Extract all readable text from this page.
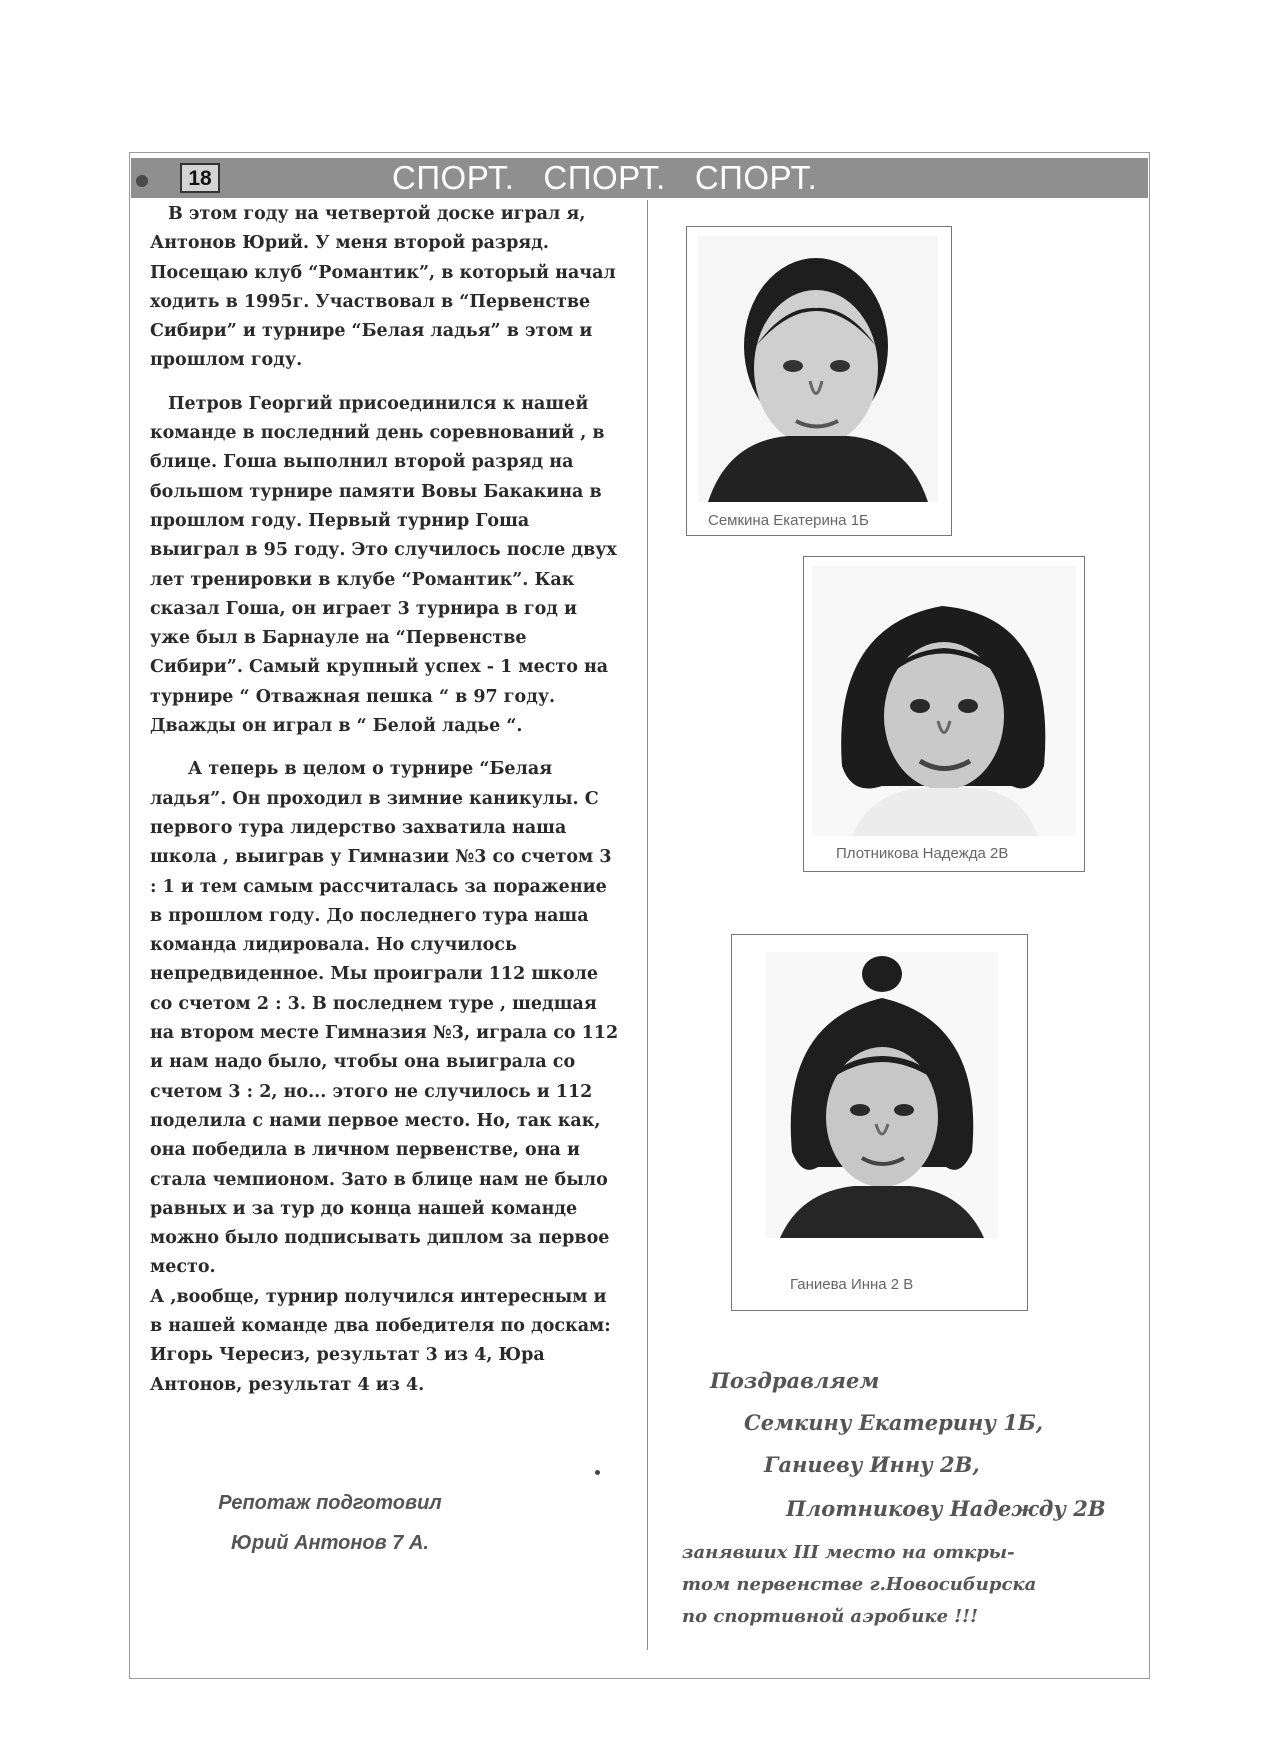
18	СПОРТ.   СПОРТ.   СПОРТ.

В этом году на четвертой доске играл я, Антонов Юрий. У меня второй разряд. Посещаю клуб “Романтик”, в который начал ходить в 1995г. Участвовал в “Первенстве Сибири” и турнире “Белая ладья” в этом и прошлом году.

Петров Георгий присоединился к нашей команде в последний день соревнований , в блице. Гоша выполнил второй разряд на большом турнире памяти Вовы Бакакина в прошлом году. Первый турнир Гоша выиграл в 95 году. Это случилось после двух лет тренировки в клубе “Романтик”. Как сказал Гоша, он играет 3 турнира в год и уже был в Барнауле на “Первенстве Сибири”. Самый крупный успех - 1 место на турнире “ Отважная пешка “ в 97 году. Дважды он играл в “ Белой ладье “.

А теперь в целом о турнире “Белая ладья”. Он проходил в зимние каникулы. С первого тура лидерство захватила наша школа , выиграв у Гимназии №3 со счетом 3 : 1 и тем самым рассчиталась за поражение в прошлом году. До последнего тура наша команда лидировала. Но случилось непредвиденное. Мы проиграли 112 школе со счетом 2 : 3. В последнем туре , шедшая на втором месте Гимназия №3, играла со 112 и нам надо было, чтобы она выиграла со счетом 3 : 2, но... этого не случилось и 112 поделила с нами первое место. Но, так как, она победила в личном первенстве, она и стала чемпионом. Зато в блице нам не было равных и за тур до конца нашей команде можно было подписывать диплом за первое место.

А ,вообще, турнир получился интересным и в нашей команде два победителя по доскам: Игорь Чересиз, результат 3 из 4, Юра Антонов, результат 4 из 4.

Репотаж подготовил
Юрий Антонов 7 А.
Семкина Екатерина 1Б
Плотникова Надежда 2В
Ганиева Инна 2 В
Поздравляем
Семкину Екатерину 1Б,
Ганиеву Инну 2В,
Плотникову Надежду 2В
занявших III место на откры-
том первенстве г.Новосибирска
по спортивной аэробике !!!
